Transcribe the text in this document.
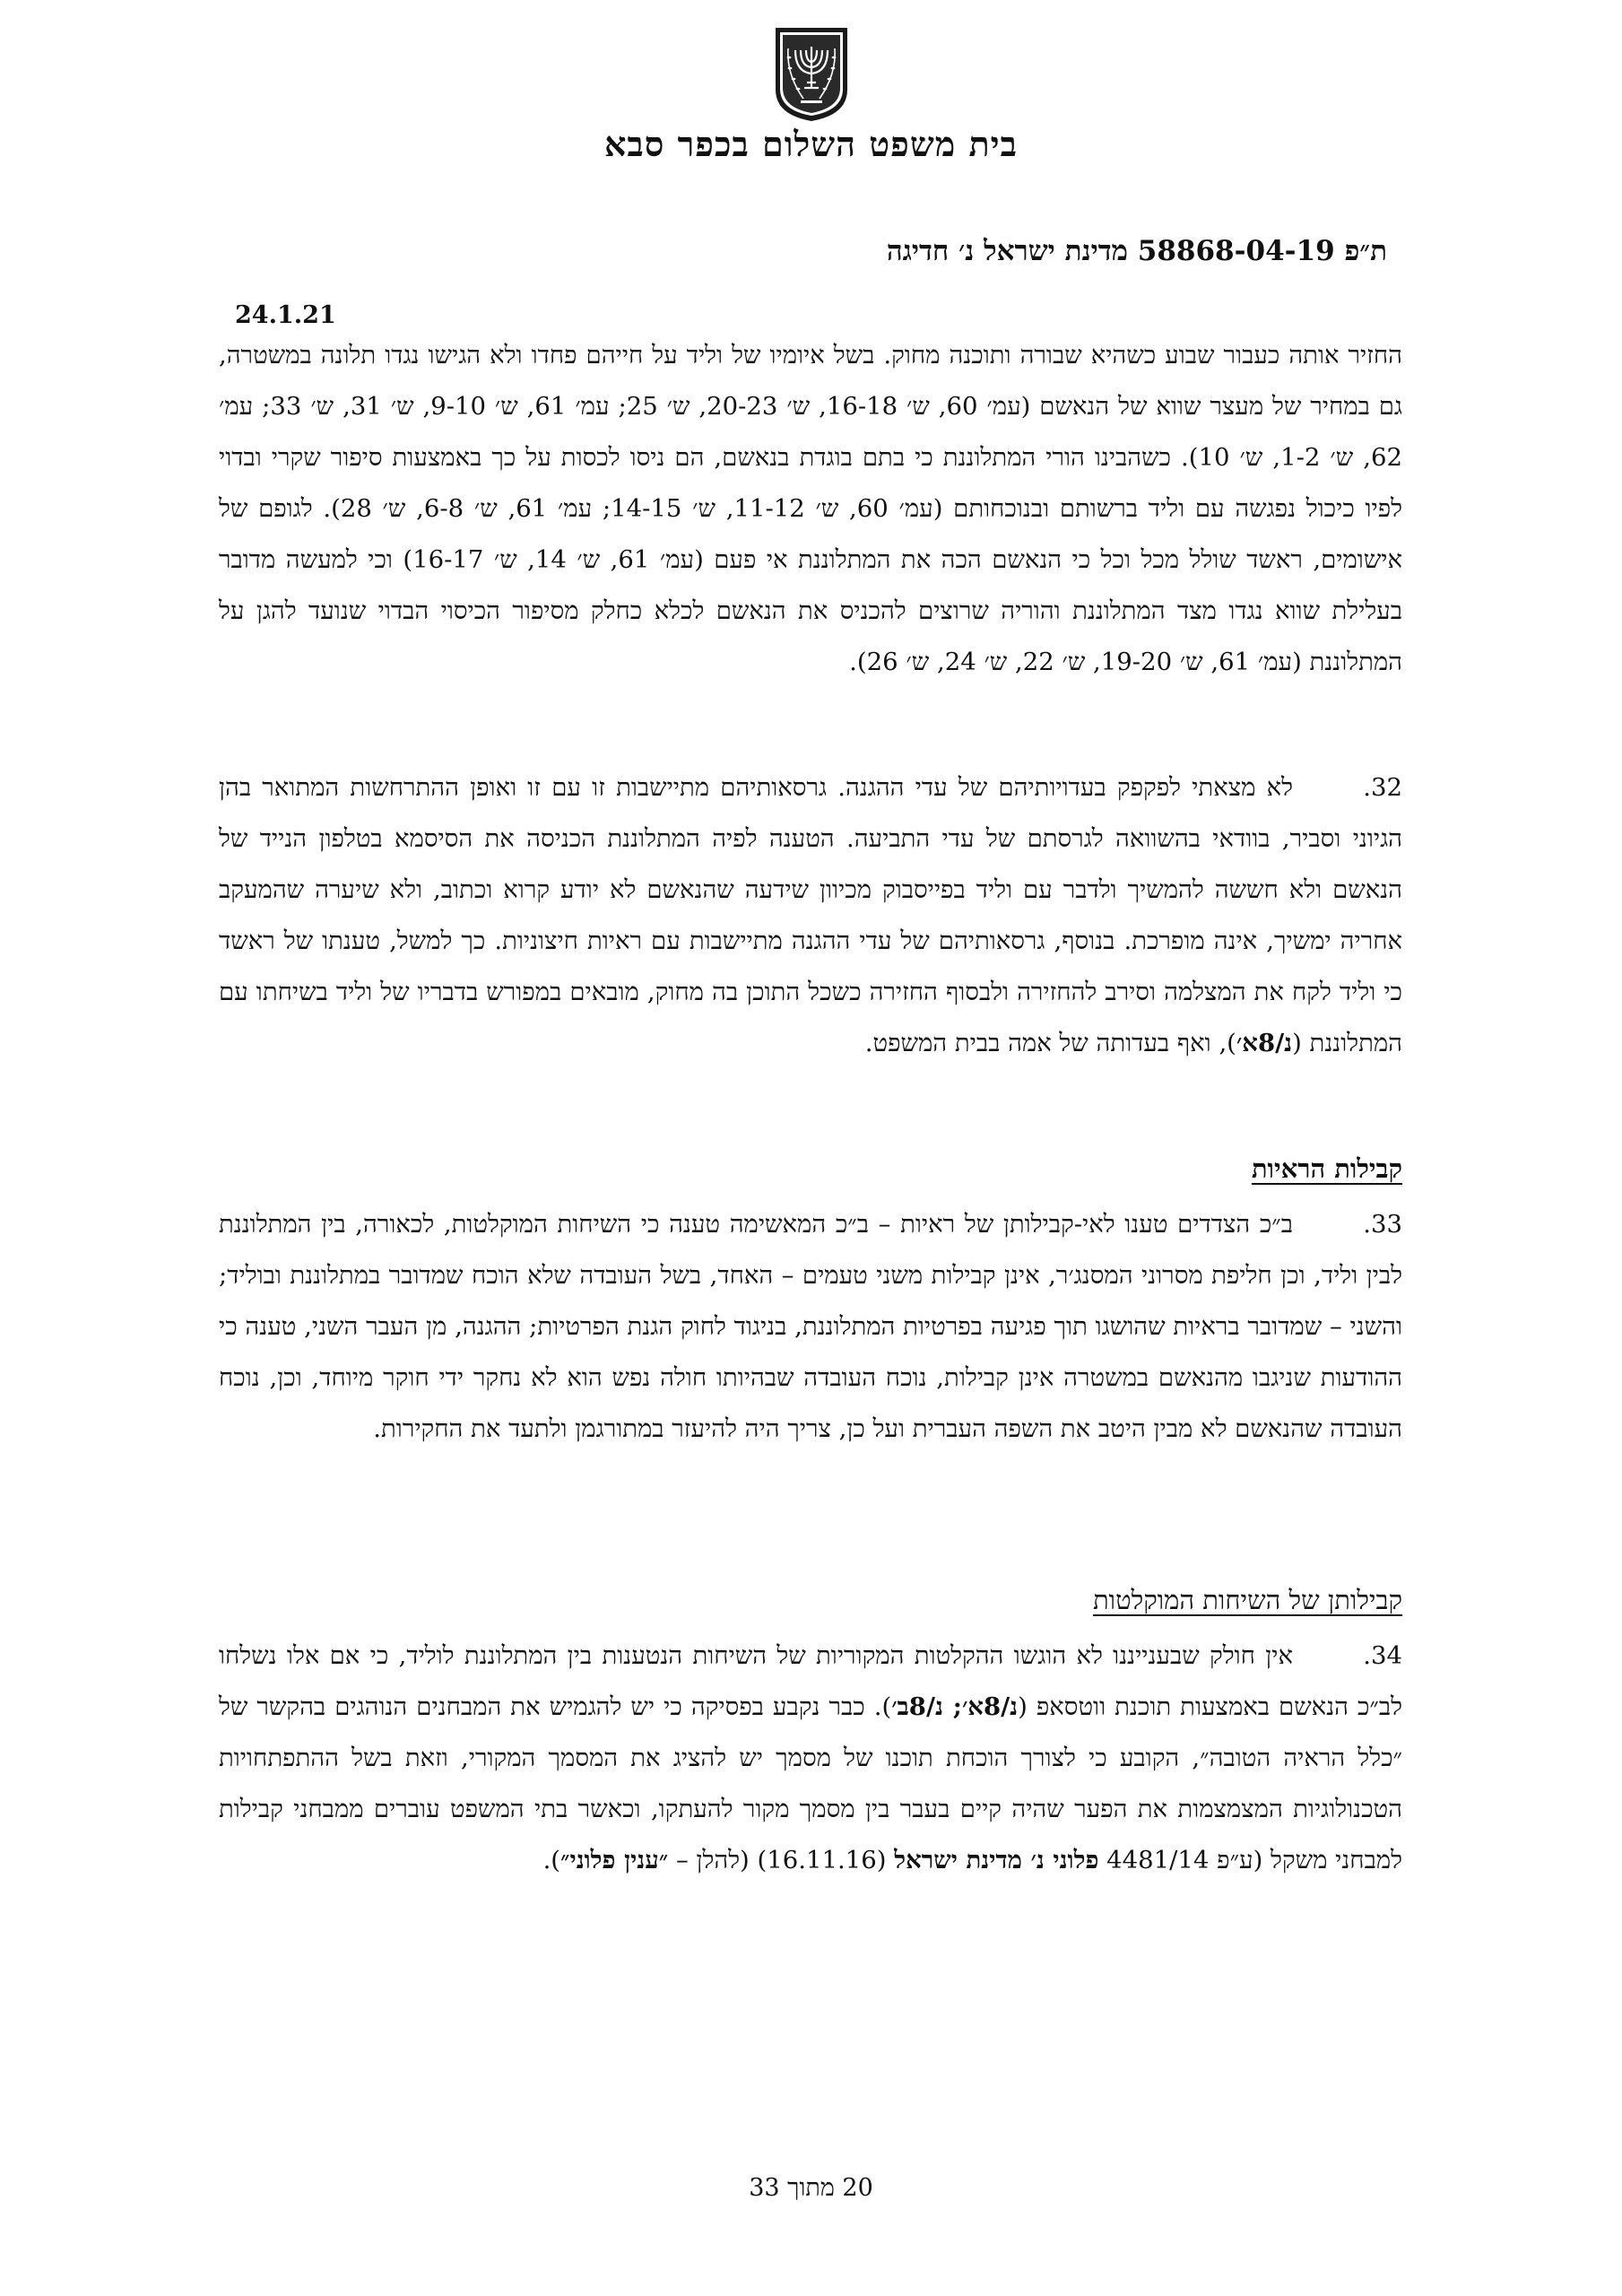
בית משפט השלום בכפר סבא
ת״פ 58868-04-19 מדינת ישראל נ׳ חדיגה
24.1.21

החזיר אותה כעבור שבוע כשהיא שבורה ותוכנה מחוק. בשל איומיו של וליד על חייהם פחדו ולא הגישו נגדו תלונה במשטרה, גם במחיר של מעצר שווא של הנאשם (עמ׳ 60, ש׳ 16-18, ש׳ 20-23, ש׳ 25; עמ׳ 61, ש׳ 9-10, ש׳ 31, ש׳ 33; עמ׳ 62, ש׳ 1-2, ש׳ 10). כשהבינו הורי המתלוננת כי בתם בוגדת בנאשם, הם ניסו לכסות על כך באמצעות סיפור שקרי ובדוי לפיו כיכול נפגשה עם וליד ברשותם ובנוכחותם (עמ׳ 60, ש׳ 11-12, ש׳ 14-15; עמ׳ 61, ש׳ 6-8, ש׳ 28). לגופם של אישומים, ראשד שולל מכל וכל כי הנאשם הכה את המתלוננת אי פעם (עמ׳ 61, ש׳ 14, ש׳ 16-17) וכי למעשה מדובר בעלילת שווא נגדו מצד המתלוננת והוריה שרוצים להכניס את הנאשם לכלא כחלק מסיפור הכיסוי הבדוי שנועד להגן על המתלוננת (עמ׳ 61, ש׳ 19-20, ש׳ 22, ש׳ 24, ש׳ 26).

32.לא מצאתי לפקפק בעדויותיהם של עדי ההגנה. גרסאותיהם מתיישבות זו עם זו ואופן ההתרחשות המתואר בהן הגיוני וסביר, בוודאי בהשוואה לגרסתם של עדי התביעה. הטענה לפיה המתלוננת הכניסה את הסיסמא בטלפון הנייד של הנאשם ולא חששה להמשיך ולדבר עם וליד בפייסבוק מכיוון שידעה שהנאשם לא יודע קרוא וכתוב, ולא שיערה שהמעקב אחריה ימשיך, אינה מופרכת. בנוסף, גרסאותיהם של עדי ההגנה מתיישבות עם ראיות חיצוניות. כך למשל, טענתו של ראשד כי וליד לקח את המצלמה וסירב להחזירה ולבסוף החזירה כשכל התוכן בה מחוק, מובאים במפורש בדבריו של וליד בשיחתו עם המתלוננת (נ/8א׳), ואף בעדותה של אמה בבית המשפט.

קבילות הראיות

33.ב״כ הצדדים טענו לאי-קבילותן של ראיות – ב״כ המאשימה טענה כי השיחות המוקלטות, לכאורה, בין המתלוננת לבין וליד, וכן חליפת מסרוני המסנג׳ר, אינן קבילות משני טעמים – האחד, בשל העובדה שלא הוכח שמדובר במתלוננת ובוליד; והשני – שמדובר בראיות שהושגו תוך פגיעה בפרטיות המתלוננת, בניגוד לחוק הגנת הפרטיות; ההגנה, מן העבר השני, טענה כי ההודעות שניגבו מהנאשם במשטרה אינן קבילות, נוכח העובדה שבהיותו חולה נפש הוא לא נחקר ידי חוקר מיוחד, וכן, נוכח העובדה שהנאשם לא מבין היטב את השפה העברית ועל כן, צריך היה להיעזר במתורגמן ולתעד את החקירות.

קבילותן של השיחות המוקלטות

34.אין חולק שבענייננו לא הוגשו ההקלטות המקוריות של השיחות הנטענות בין המתלוננת לוליד, כי אם אלו נשלחו לב״כ הנאשם באמצעות תוכנת ווטסאפ (נ/8א׳; נ/8ב׳). כבר נקבע בפסיקה כי יש להגמיש את המבחנים הנוהגים בהקשר של ״כלל הראיה הטובה״, הקובע כי לצורך הוכחת תוכנו של מסמך יש להציג את המסמך המקורי, וזאת בשל ההתפתחויות הטכנולוגיות המצמצמות את הפער שהיה קיים בעבר בין מסמך מקור להעתקו, וכאשר בתי המשפט עוברים ממבחני קבילות למבחני משקל (ע״פ 4481/14 פלוני נ׳ מדינת ישראל (16.11.16) (להלן – ״ענין פלוני״).

20 מתוך 33
